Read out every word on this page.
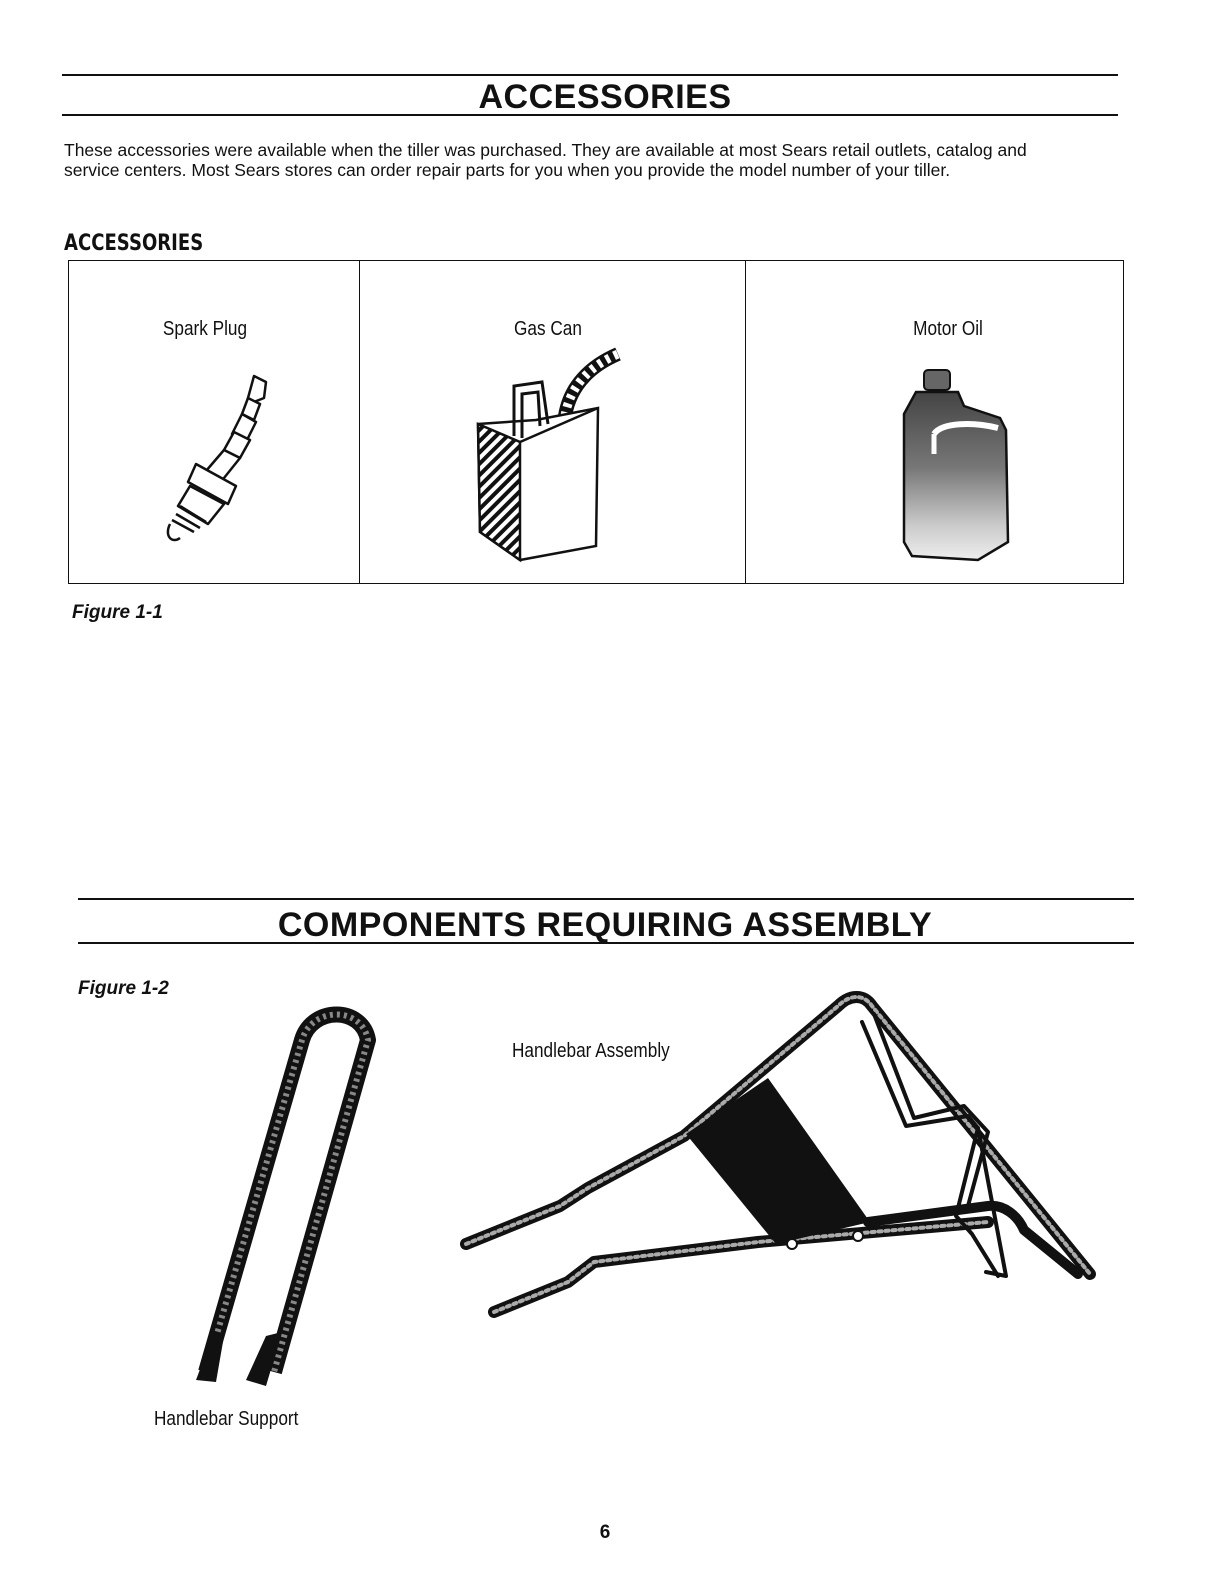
ACCESSORIES
These accessories were available when the tiller was purchased. They are available at most Sears retail outlets, catalog and service centers. Most Sears stores can order repair parts for you when you provide the model number of your tiller.
ACCESSORIES
Spark Plug	Gas Can	Motor Oil
Figure 1-1
COMPONENTS REQUIRING ASSEMBLY
Figure 1-2
Handlebar Support
Handlebar Assembly
6
